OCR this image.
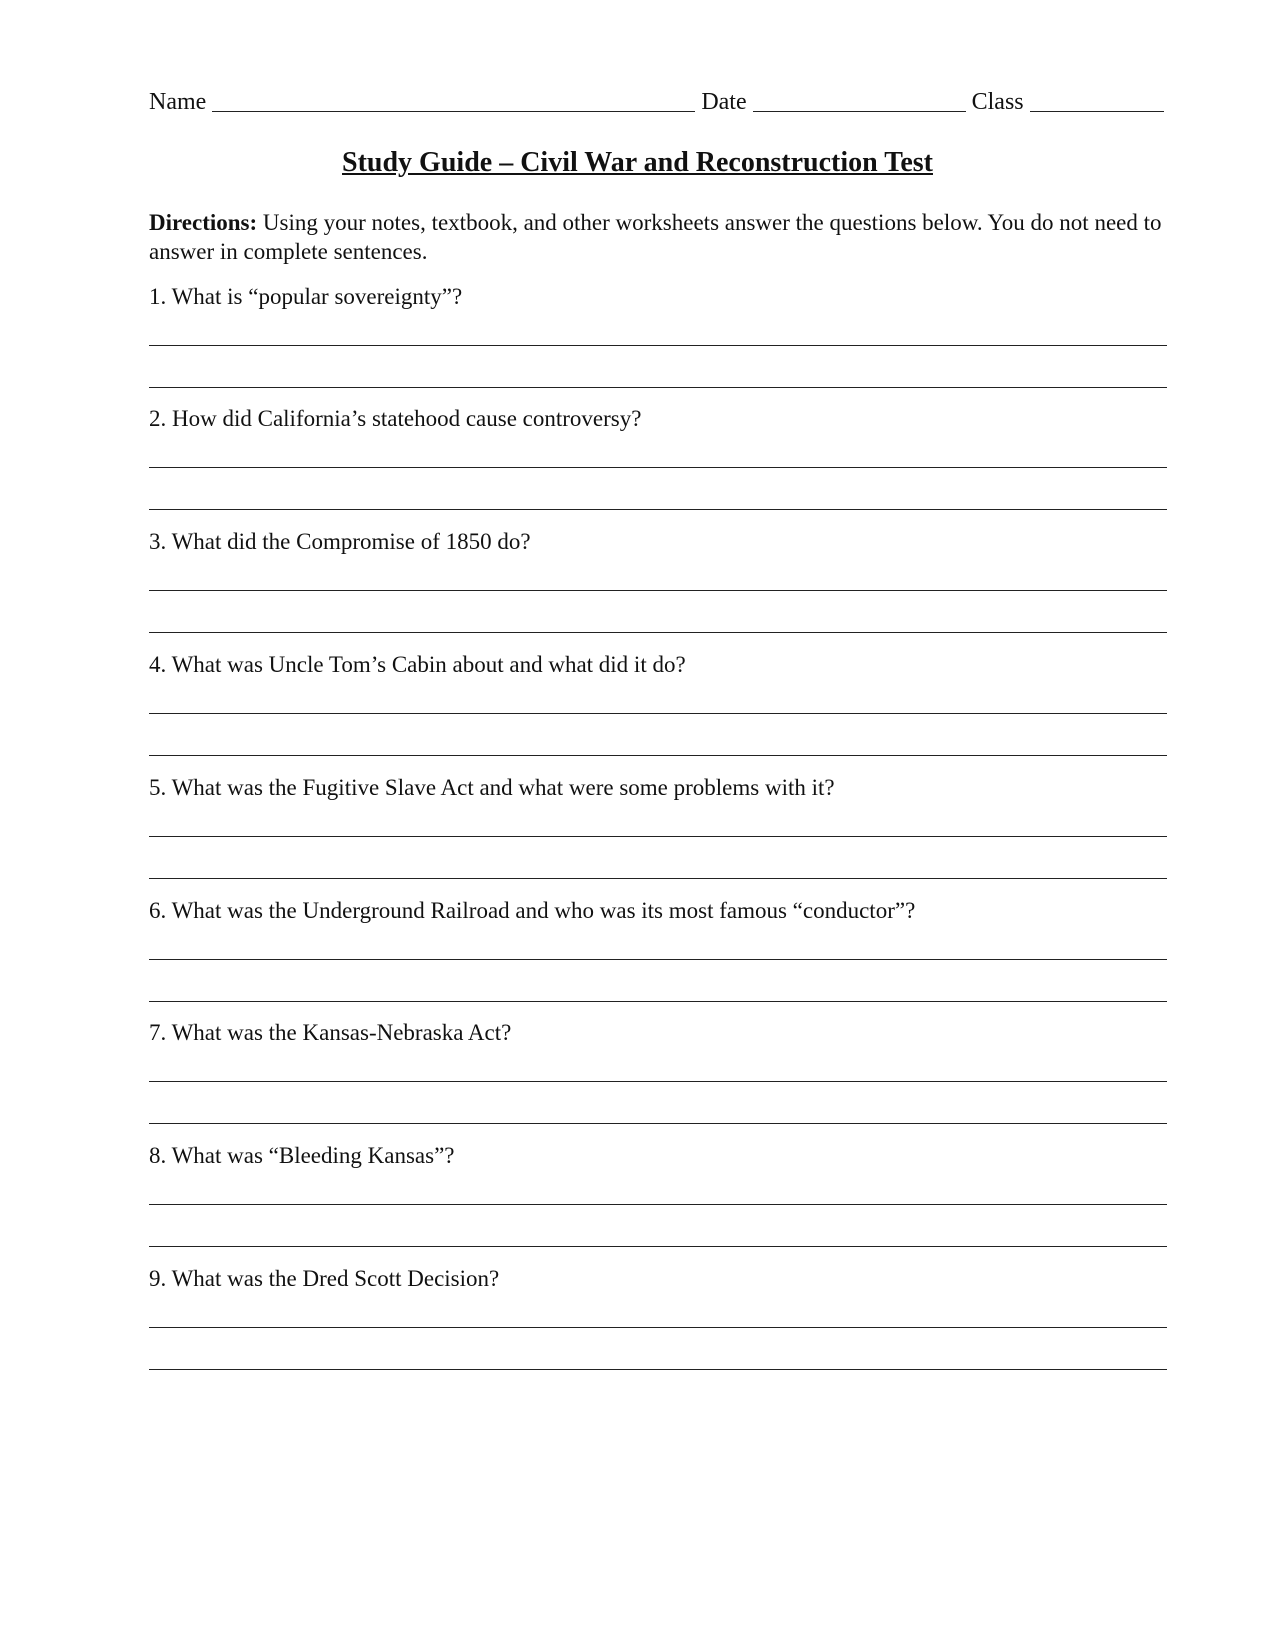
Name	Date	Class
Study Guide – Civil War and Reconstruction Test
Directions: Using your notes, textbook, and other worksheets answer the questions below. You do not need to answer in complete sentences.
1. What is “popular sovereignty”?
2. How did California’s statehood cause controversy?
3. What did the Compromise of 1850 do?
4. What was Uncle Tom’s Cabin about and what did it do?
5. What was the Fugitive Slave Act and what were some problems with it?
6. What was the Underground Railroad and who was its most famous “conductor”?
7. What was the Kansas-Nebraska Act?
8. What was “Bleeding Kansas”?
9. What was the Dred Scott Decision?
